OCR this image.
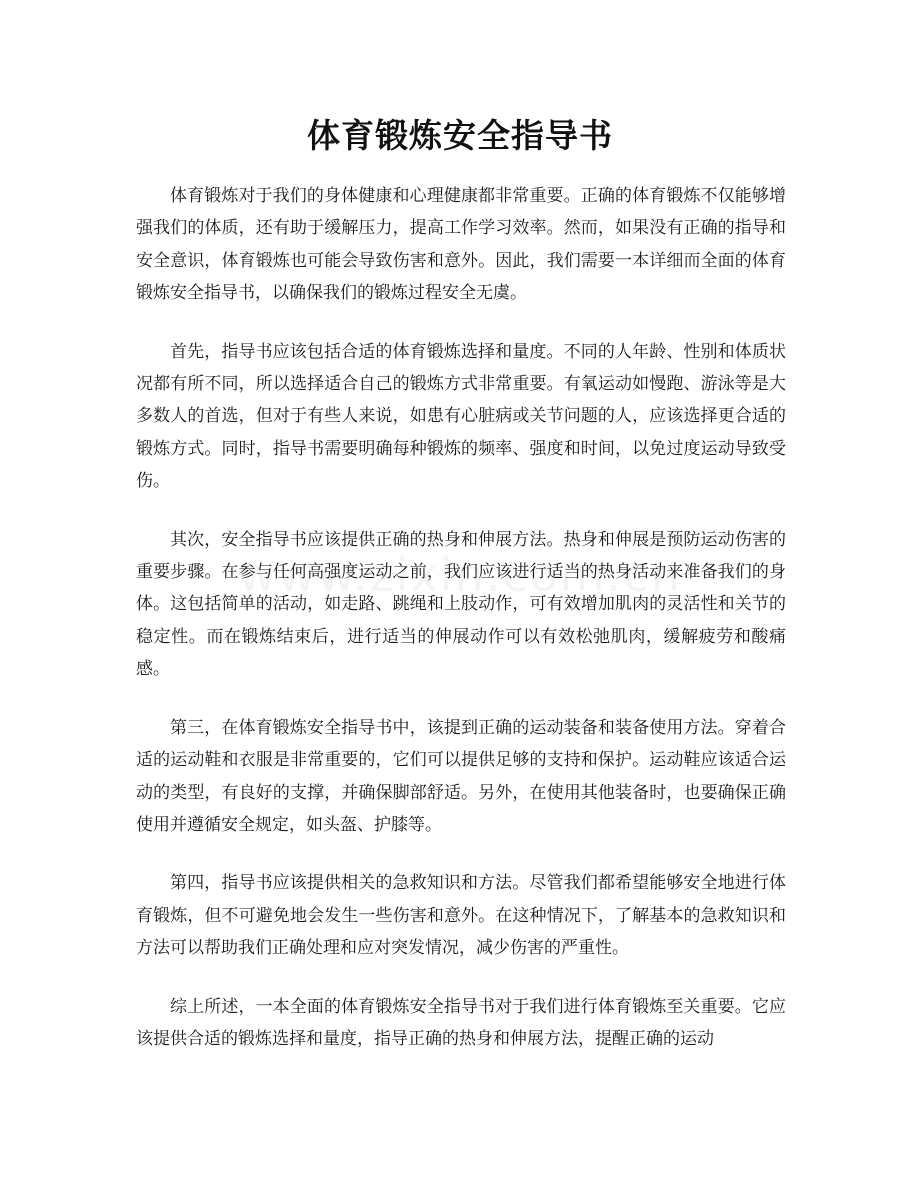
体育锻炼安全指导书

体育锻炼对于我们的身体健康和心理健康都非常重要。正确的体育锻炼不仅能够增强我们的体质，还有助于缓解压力，提高工作学习效率。然而，如果没有正确的指导和安全意识，体育锻炼也可能会导致伤害和意外。因此，我们需要一本详细而全面的体育锻炼安全指导书，以确保我们的锻炼过程安全无虞。

首先，指导书应该包括合适的体育锻炼选择和量度。不同的人年龄、性别和体质状况都有所不同，所以选择适合自己的锻炼方式非常重要。有氧运动如慢跑、游泳等是大多数人的首选，但对于有些人来说，如患有心脏病或关节问题的人，应该选择更合适的锻炼方式。同时，指导书需要明确每种锻炼的频率、强度和时间，以免过度运动导致受伤。

其次，安全指导书应该提供正确的热身和伸展方法。热身和伸展是预防运动伤害的重要步骤。在参与任何高强度运动之前，我们应该进行适当的热身活动来准备我们的身体。这包括简单的活动，如走路、跳绳和上肢动作，可有效增加肌肉的灵活性和关节的稳定性。而在锻炼结束后，进行适当的伸展动作可以有效松弛肌肉，缓解疲劳和酸痛感。

第三，在体育锻炼安全指导书中，该提到正确的运动装备和装备使用方法。穿着合适的运动鞋和衣服是非常重要的，它们可以提供足够的支持和保护。运动鞋应该适合运动的类型，有良好的支撑，并确保脚部舒适。另外，在使用其他装备时，也要确保正确使用并遵循安全规定，如头盔、护膝等。

第四，指导书应该提供相关的急救知识和方法。尽管我们都希望能够安全地进行体育锻炼，但不可避免地会发生一些伤害和意外。在这种情况下，了解基本的急救知识和方法可以帮助我们正确处理和应对突发情况，减少伤害的严重性。

综上所述，一本全面的体育锻炼安全指导书对于我们进行体育锻炼至关重要。它应该提供合适的锻炼选择和量度，指导正确的热身和伸展方法，提醒正确的运动
